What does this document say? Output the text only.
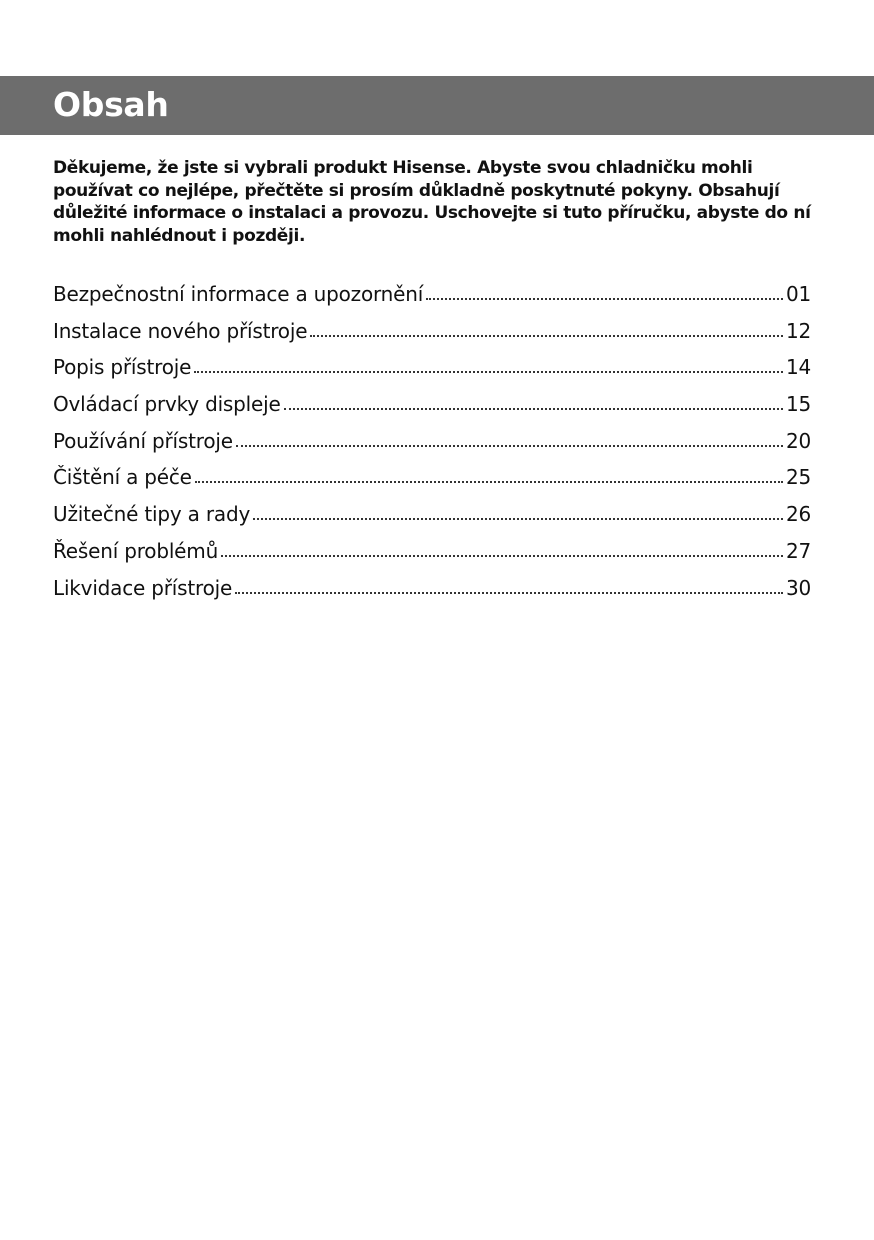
Obsah

Děkujeme, že jste si vybrali produkt Hisense. Abyste svou chladničku mohli používat co nejlépe, přečtěte si prosím důkladně poskytnuté pokyny. Obsahují důležité informace o instalaci a provozu. Uschovejte si tuto příručku, abyste do ní mohli nahlédnout i později.

Bezpečnostní informace a upozornění	01
Instalace nového přístroje	12
Popis přístroje	14
Ovládací prvky displeje	15
Používání přístroje	20
Čištění a péče	25
Užitečné tipy a rady	26
Řešení problémů	27
Likvidace přístroje	30
